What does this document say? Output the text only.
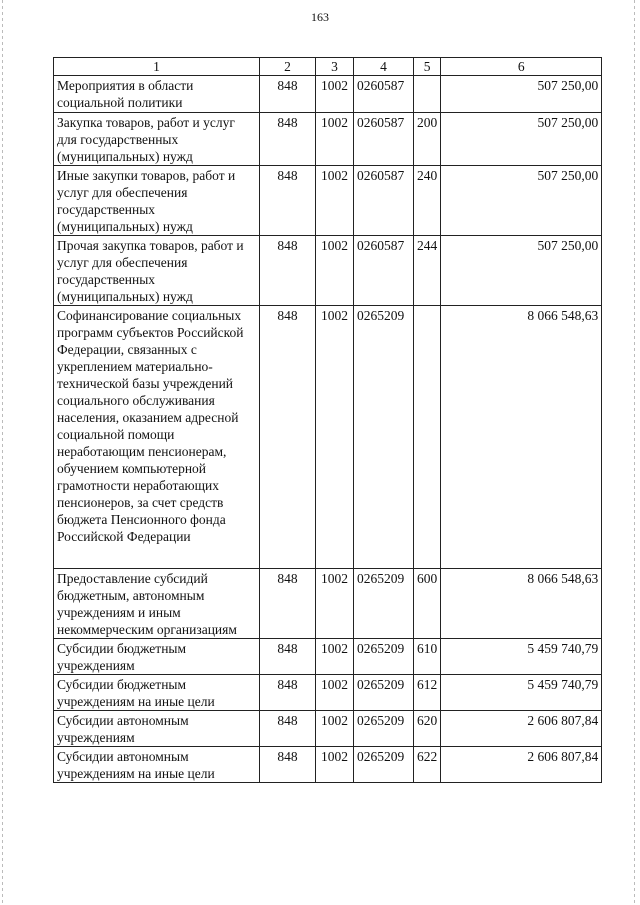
163
1	2	3	4	5	6
Мероприятия в области социальной политики	848	1002	0260587		507 250,00
Закупка товаров, работ и услуг для государственных (муниципальных) нужд	848	1002	0260587	200	507 250,00
Иные закупки товаров, работ и услуг для обеспечения государственных (муниципальных) нужд	848	1002	0260587	240	507 250,00
Прочая закупка товаров, работ и услуг для обеспечения государственных (муниципальных) нужд	848	1002	0260587	244	507 250,00
Софинансирование социальных программ субъектов Российской Федерации, связанных с укреплением материально-технической базы учреждений социального обслуживания населения, оказанием адресной социальной помощи неработающим пенсионерам, обучением компьютерной грамотности неработающих пенсионеров, за счет средств бюджета Пенсионного фонда Российской Федерации	848	1002	0265209		8 066 548,63
Предоставление субсидий бюджетным, автономным учреждениям и иным некоммерческим организациям	848	1002	0265209	600	8 066 548,63
Субсидии бюджетным учреждениям	848	1002	0265209	610	5 459 740,79
Субсидии бюджетным учреждениям на иные цели	848	1002	0265209	612	5 459 740,79
Субсидии автономным учреждениям	848	1002	0265209	620	2 606 807,84
Субсидии автономным учреждениям на иные цели	848	1002	0265209	622	2 606 807,84
